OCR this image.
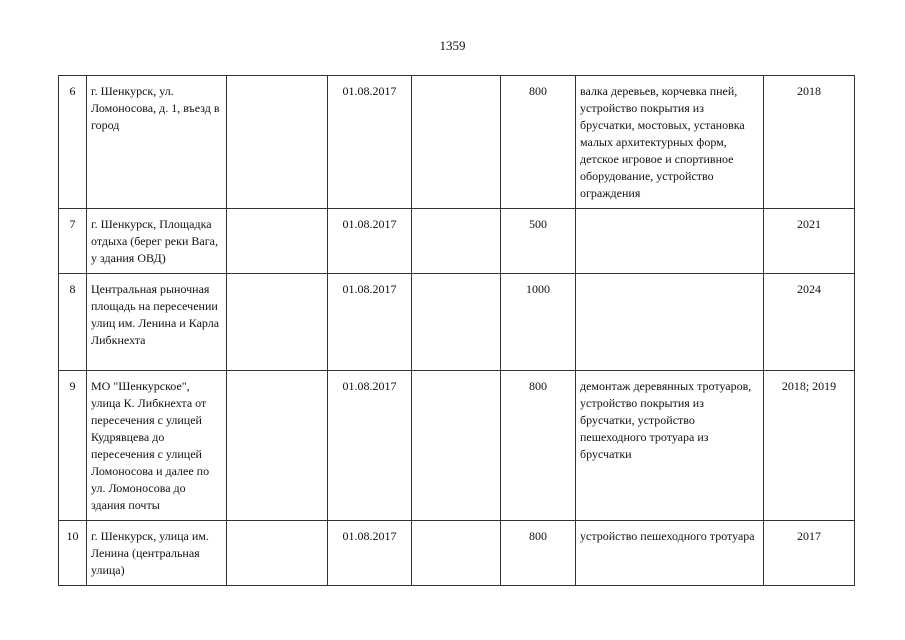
1359
6	г. Шенкурск, ул. Ломоносова, д. 1, въезд в город		01.08.2017		800	валка деревьев, корчевка пней, устройство покрытия из брусчатки, мостовых, установка малых архитектурных форм, детское игровое и спортивное оборудование, устройство ограждения	2018
7	г. Шенкурск, Площадка отдыха (берег реки Вага, у здания ОВД)		01.08.2017		500		2021
8	Центральная рыночная площадь на пересечении улиц им. Ленина и Карла Либкнехта		01.08.2017		1000		2024
9	МО "Шенкурское", улица К. Либкнехта от пересечения с улицей Кудрявцева до пересечения с улицей Ломоносова и далее по ул. Ломоносова до здания почты		01.08.2017		800	демонтаж деревянных тротуаров, устройство покрытия из брусчатки, устройство пешеходного тротуара из брусчатки	2018; 2019
10	г. Шенкурск, улица им. Ленина (центральная улица)		01.08.2017		800	устройство пешеходного тротуара	2017
